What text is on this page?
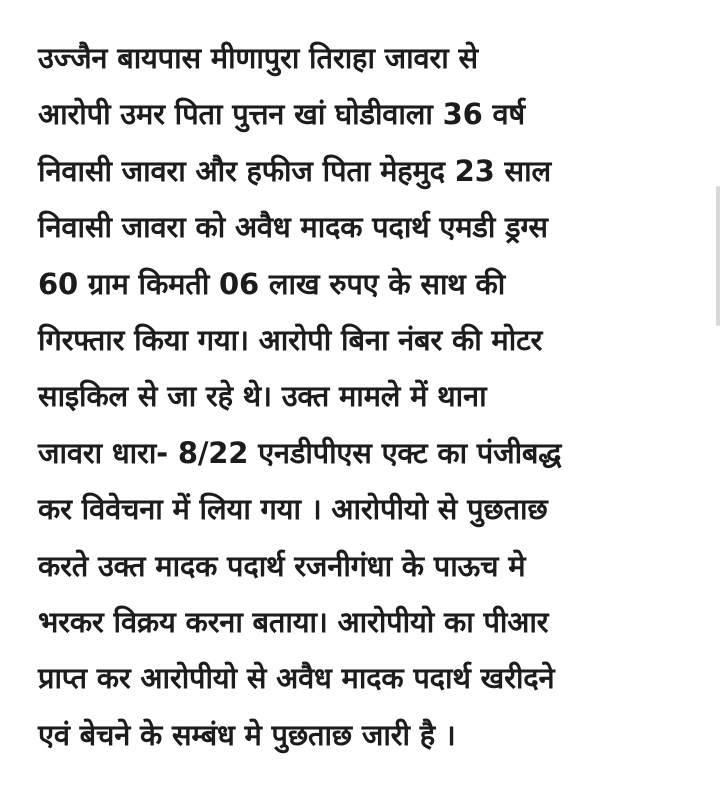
उज्जैन बायपास मीणापुरा तिराहा जावरा से
आरोपी उमर पिता पुत्तन खां घोडीवाला 36 वर्ष
निवासी जावरा और हफीज पिता मेहमुद 23 साल
निवासी जावरा को अवैध मादक पदार्थ एमडी ड्रग्स
60 ग्राम किमती 06 लाख रुपए के साथ की
गिरफ्तार किया गया। आरोपी बिना नंबर की मोटर
साइकिल से जा रहे थे। उक्त मामले में थाना
जावरा धारा- 8/22 एनडीपीएस एक्ट का पंजीबद्ध
कर विवेचना में लिया गया । आरोपीयो से पुछताछ
करते उक्त मादक पदार्थ रजनीगंधा के पाऊच मे
भरकर विक्रय करना बताया। आरोपीयो का पीआर
प्राप्त कर आरोपीयो से अवैध मादक पदार्थ खरीदने
एवं बेचने के सम्बंध मे पुछताछ जारी है ।
